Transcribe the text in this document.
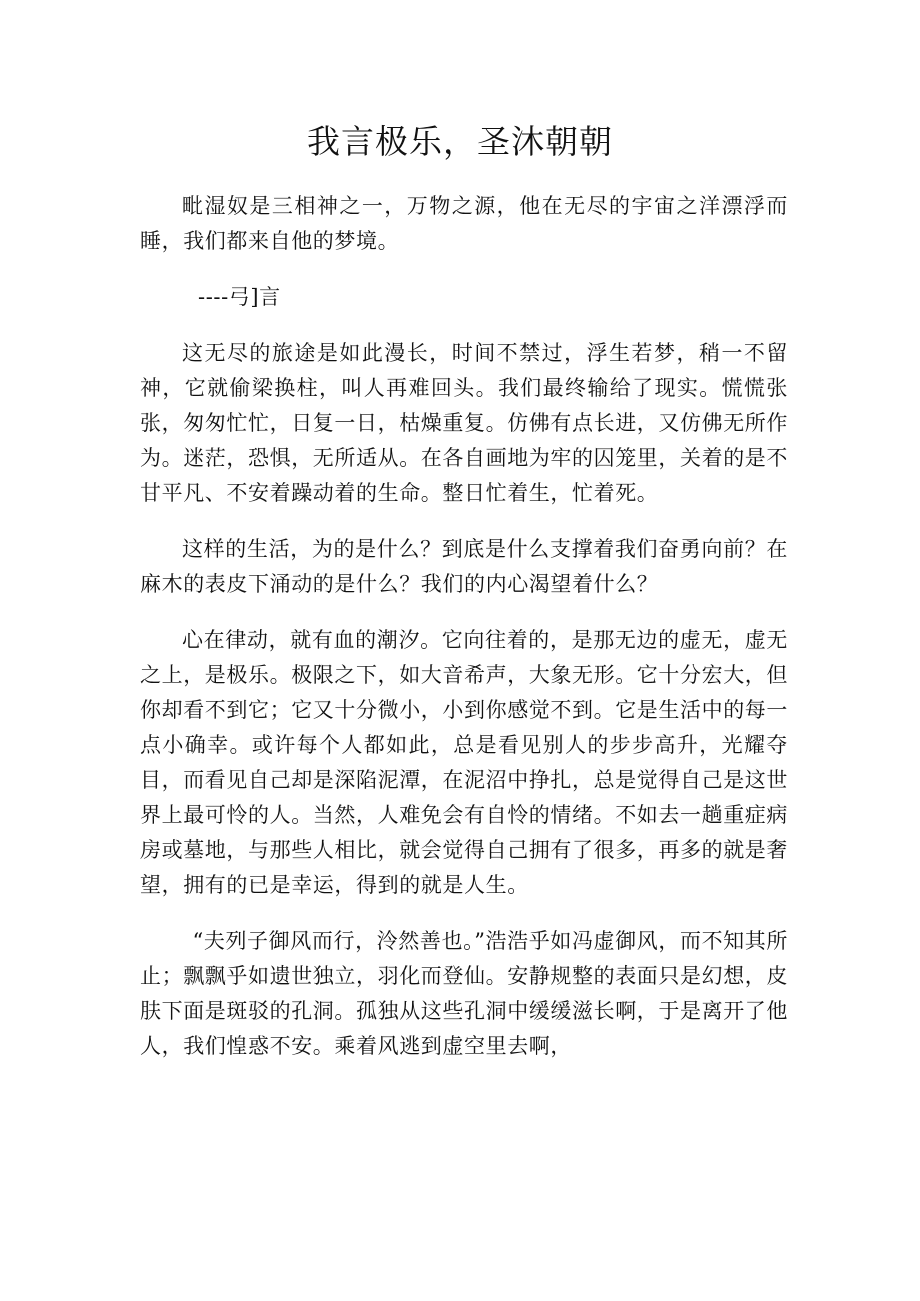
我言极乐，圣沐朝朝

毗湿奴是三相神之一，万物之源，他在无尽的宇宙之洋漂浮而睡，我们都来自他的梦境。

----弓]言

这无尽的旅途是如此漫长，时间不禁过，浮生若梦，稍一不留神，它就偷梁换柱，叫人再难回头。我们最终输给了现实。慌慌张张，匆匆忙忙，日复一日，枯燥重复。仿佛有点长进，又仿佛无所作为。迷茫，恐惧，无所适从。在各自画地为牢的囚笼里，关着的是不甘平凡、不安着躁动着的生命。整日忙着生，忙着死。

这样的生活，为的是什么？到底是什么支撑着我们奋勇向前？在麻木的表皮下涌动的是什么？我们的内心渴望着什么？

心在律动，就有血的潮汐。它向往着的，是那无边的虚无，虚无之上，是极乐。极限之下，如大音希声，大象无形。它十分宏大，但你却看不到它；它又十分微小，小到你感觉不到。它是生活中的每一点小确幸。或许每个人都如此，总是看见别人的步步高升，光耀夺目，而看见自己却是深陷泥潭，在泥沼中挣扎，总是觉得自己是这世界上最可怜的人。当然，人难免会有自怜的情绪。不如去一趟重症病房或墓地，与那些人相比，就会觉得自己拥有了很多，再多的就是奢望，拥有的已是幸运，得到的就是人生。

“夫列子御风而行，泠然善也。”浩浩乎如冯虚御风，而不知其所止；飘飘乎如遗世独立，羽化而登仙。安静规整的表面只是幻想，皮肤下面是斑驳的孔洞。孤独从这些孔洞中缓缓滋长啊，于是离开了他人，我们惶惑不安。乘着风逃到虚空里去啊，
